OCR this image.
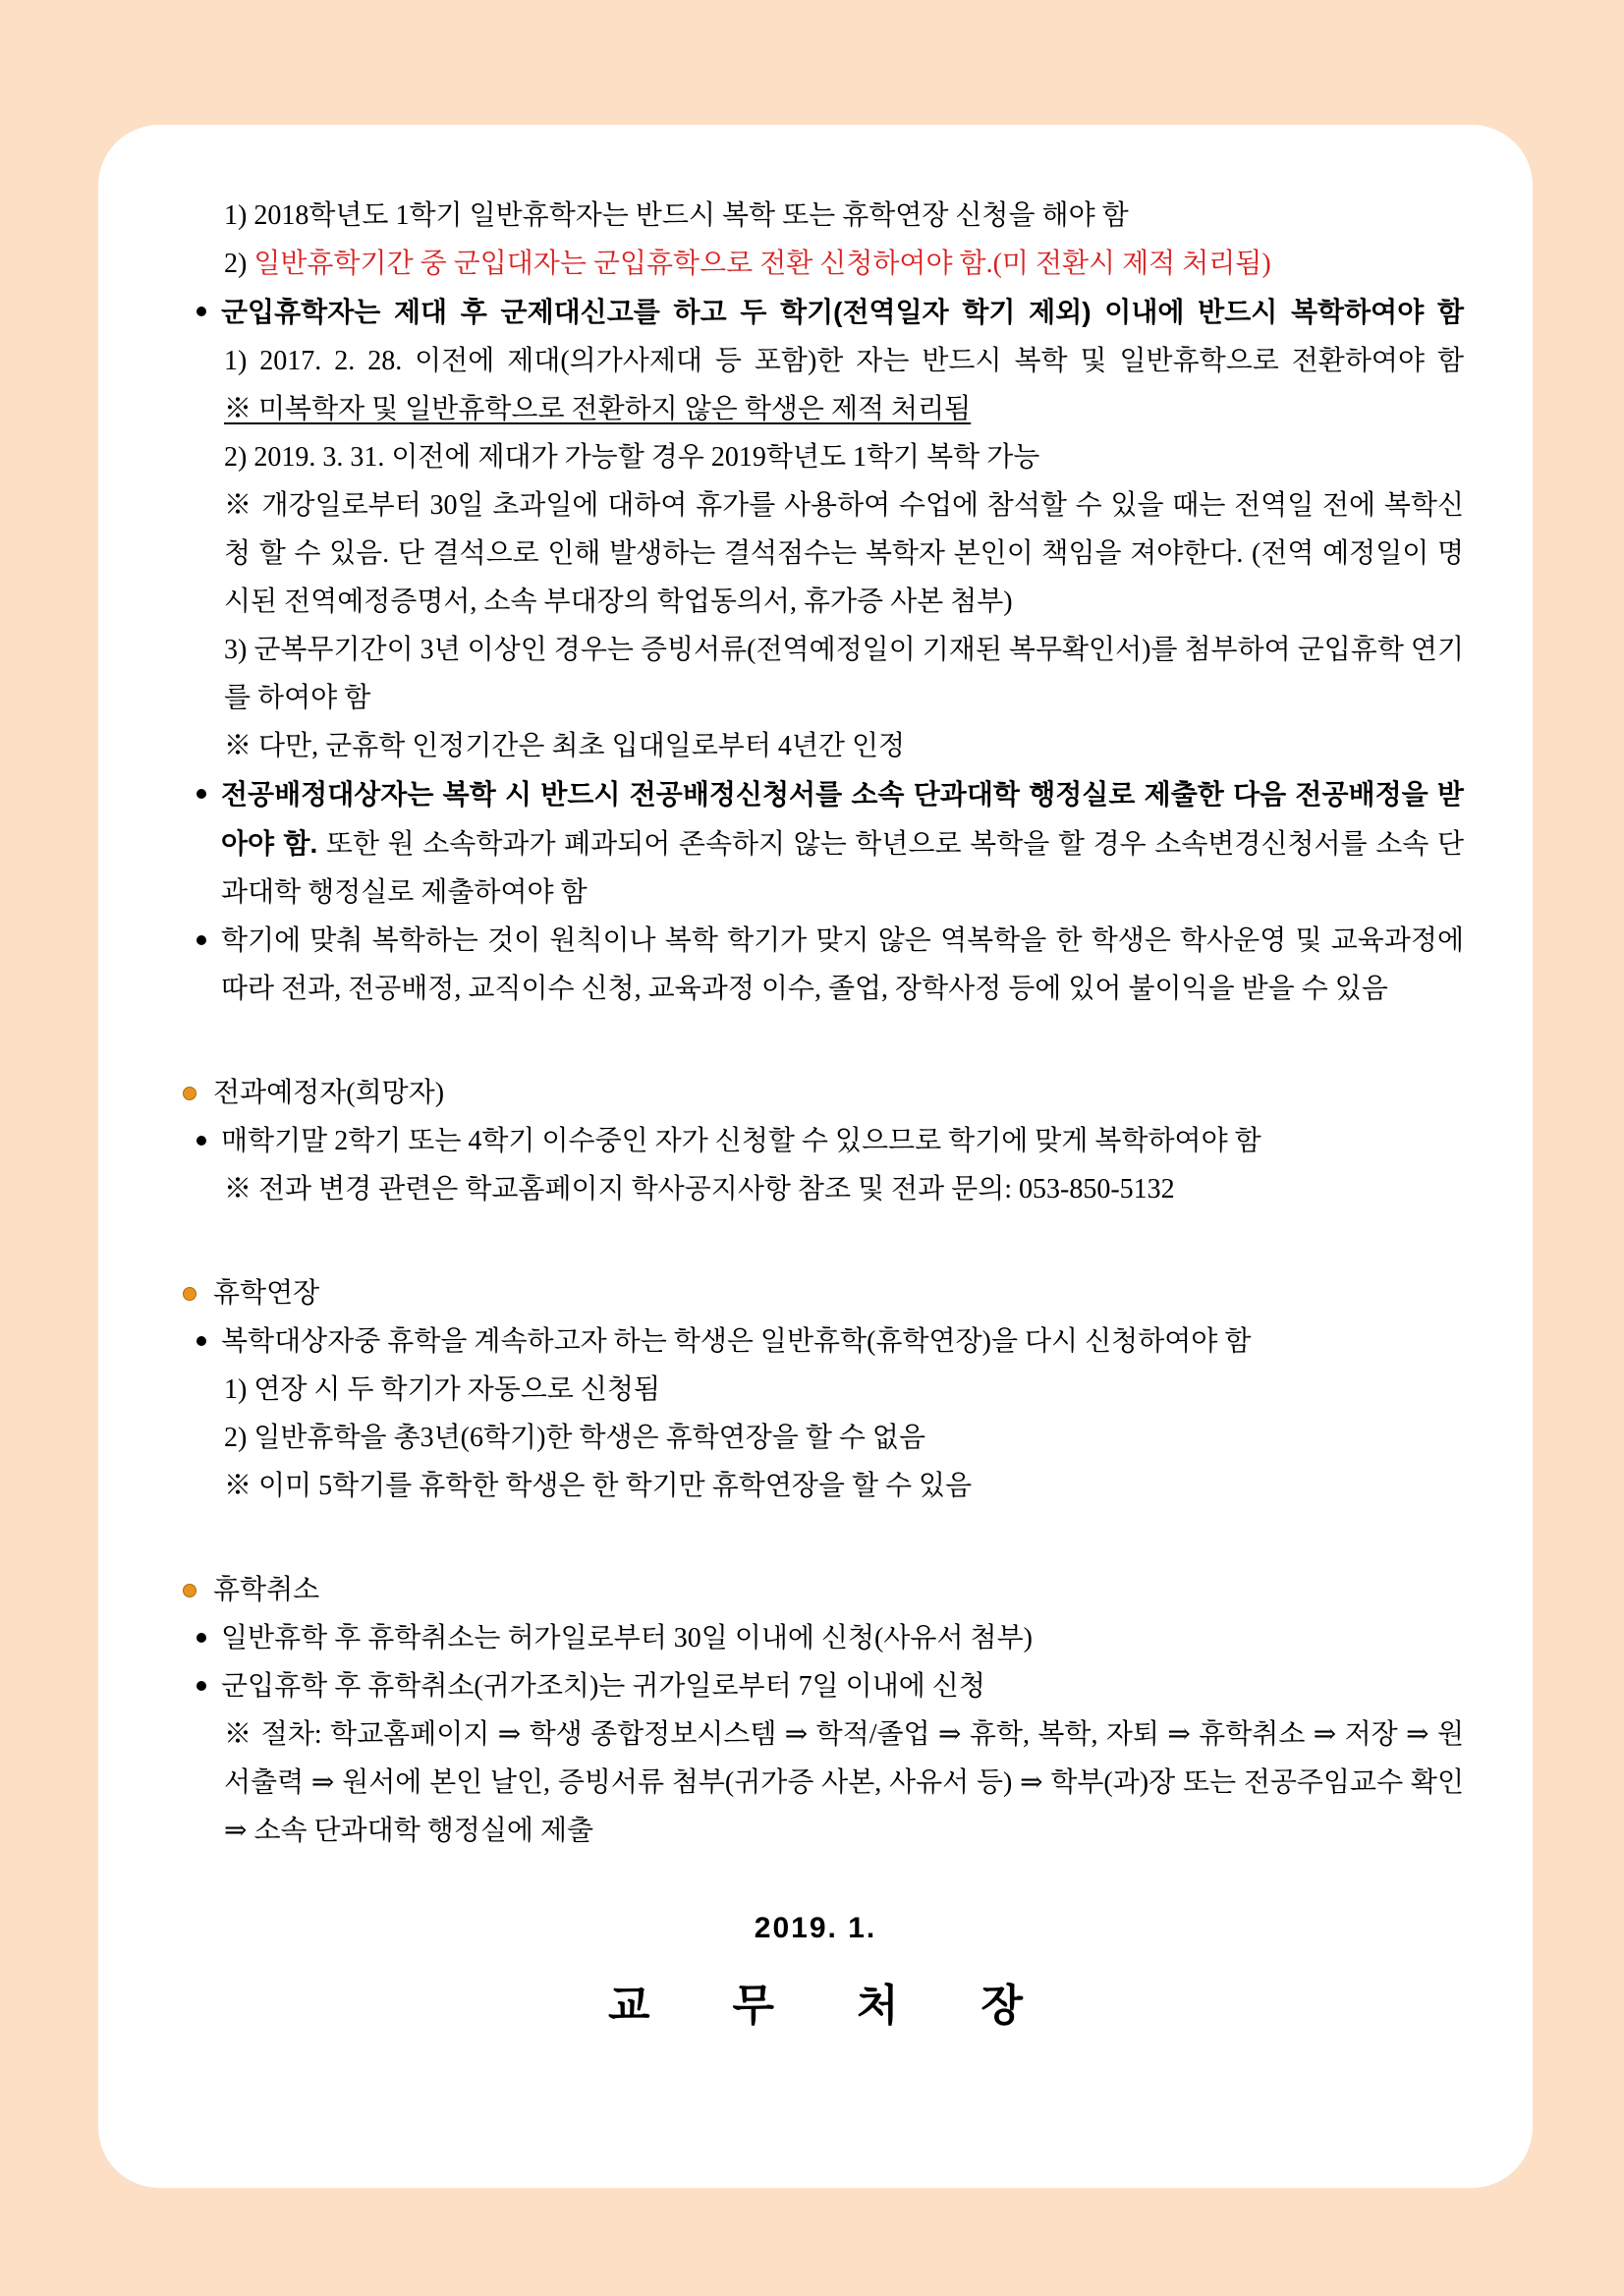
1) 2018학년도 1학기 일반휴학자는 반드시 복학 또는 휴학연장 신청을 해야 함

2) 일반휴학기간 중 군입대자는 군입휴학으로 전환 신청하여야 함.(미 전환시 제적 처리됨)

군입휴학자는 제대 후 군제대신고를 하고 두 학기(전역일자 학기 제외) 이내에 반드시 복학하여야 함

1) 2017. 2. 28. 이전에 제대(의가사제대 등 포함)한 자는 반드시 복학 및 일반휴학으로 전환하여야 함

※ 미복학자 및 일반휴학으로 전환하지 않은 학생은 제적 처리됨

2) 2019. 3. 31. 이전에 제대가 가능할 경우 2019학년도 1학기 복학 가능

※ 개강일로부터 30일 초과일에 대하여 휴가를 사용하여 수업에 참석할 수 있을 때는 전역일 전에 복학신청 할 수 있음. 단 결석으로 인해 발생하는 결석점수는 복학자 본인이 책임을 져야한다. (전역 예정일이 명시된 전역예정증명서, 소속 부대장의 학업동의서, 휴가증 사본 첨부)

3) 군복무기간이 3년 이상인 경우는 증빙서류(전역예정일이 기재된 복무확인서)를 첨부하여 군입휴학 연기를 하여야 함

※ 다만, 군휴학 인정기간은 최초 입대일로부터 4년간 인정

전공배정대상자는 복학 시 반드시 전공배정신청서를 소속 단과대학 행정실로 제출한 다음 전공배정을 받아야 함. 또한 원 소속학과가 폐과되어 존속하지 않는 학년으로 복학을 할 경우 소속변경신청서를 소속 단과대학 행정실로 제출하여야 함

학기에 맞춰 복학하는 것이 원칙이나 복학 학기가 맞지 않은 역복학을 한 학생은 학사운영 및 교육과정에 따라 전과, 전공배정, 교직이수 신청, 교육과정 이수, 졸업, 장학사정 등에 있어 불이익을 받을 수 있음

전과예정자(희망자)

매학기말 2학기 또는 4학기 이수중인 자가 신청할 수 있으므로 학기에 맞게 복학하여야 함

※ 전과 변경 관련은 학교홈페이지 학사공지사항 참조 및 전과 문의: 053-850-5132

휴학연장

복학대상자중 휴학을 계속하고자 하는 학생은 일반휴학(휴학연장)을 다시 신청하여야 함

1) 연장 시 두 학기가 자동으로 신청됨

2) 일반휴학을 총3년(6학기)한 학생은 휴학연장을 할 수 없음

※ 이미 5학기를 휴학한 학생은 한 학기만 휴학연장을 할 수 있음

휴학취소

일반휴학 후 휴학취소는 허가일로부터 30일 이내에 신청(사유서 첨부)

군입휴학 후 휴학취소(귀가조치)는 귀가일로부터 7일 이내에 신청

※ 절차: 학교홈페이지 ⇒ 학생 종합정보시스템 ⇒ 학적/졸업 ⇒ 휴학, 복학, 자퇴 ⇒ 휴학취소 ⇒ 저장 ⇒ 원서출력 ⇒ 원서에 본인 날인, 증빙서류 첨부(귀가증 사본, 사유서 등) ⇒ 학부(과)장 또는 전공주임교수 확인 ⇒ 소속 단과대학 행정실에 제출

2019. 1.

교무처장
